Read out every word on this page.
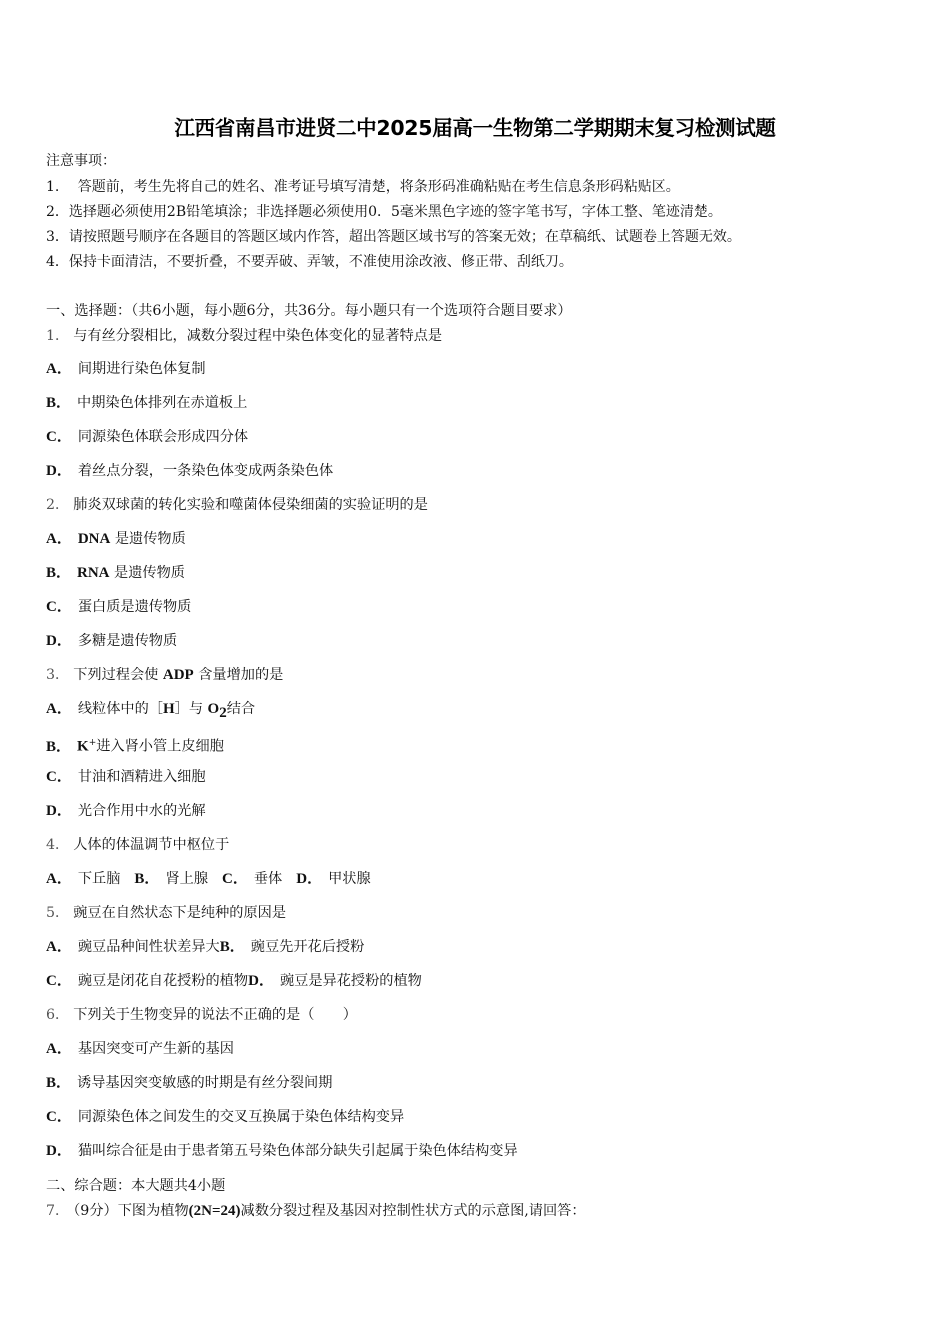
江西省南昌市进贤二中2025届高一生物第二学期期末复习检测试题
注意事项：
1.　 答题前，考生先将自己的姓名、准考证号填写清楚，将条形码准确粘贴在考生信息条形码粘贴区。
2．选择题必须使用2B铅笔填涂；非选择题必须使用0．5毫米黑色字迹的签字笔书写，字体工整、笔迹清楚。
3．请按照题号顺序在各题目的答题区域内作答，超出答题区域书写的答案无效；在草稿纸、试题卷上答题无效。
4．保持卡面清洁，不要折叠，不要弄破、弄皱，不准使用涂改液、修正带、刮纸刀。
一、选择题：（共6小题，每小题6分，共36分。每小题只有一个选项符合题目要求）
1． 与有丝分裂相比，减数分裂过程中染色体变化的显著特点是
A． 间期进行染色体复制
B． 中期染色体排列在赤道板上
C． 同源染色体联会形成四分体
D． 着丝点分裂，一条染色体变成两条染色体
2． 肺炎双球菌的转化实验和噬菌体侵染细菌的实验证明的是
A． DNA 是遗传物质
B． RNA 是遗传物质
C． 蛋白质是遗传物质
D． 多糖是遗传物质
3． 下列过程会使 ADP 含量增加的是
A． 线粒体中的［H］与 $O_2$结合
B． K+进入肾小管上皮细胞
C． 甘油和酒精进入细胞
D． 光合作用中水的光解
4． 人体的体温调节中枢位于
A． 下丘脑 B． 肾上腺 C． 垂体 D． 甲状腺
5． 豌豆在自然状态下是纯种的原因是
A． 豌豆品种间性状差异大B． 豌豆先开花后授粉
C． 豌豆是闭花自花授粉的植物D． 豌豆是异花授粉的植物
6． 下列关于生物变异的说法不正确的是（　　）
A． 基因突变可产生新的基因
B． 诱导基因突变敏感的时期是有丝分裂间期
C． 同源染色体之间发生的交叉互换属于染色体结构变异
D． 猫叫综合征是由于患者第五号染色体部分缺失引起属于染色体结构变异
二、综合题：本大题共4小题
7． （9分）下图为植物(2N=24)减数分裂过程及基因对控制性状方式的示意图,请回答：
